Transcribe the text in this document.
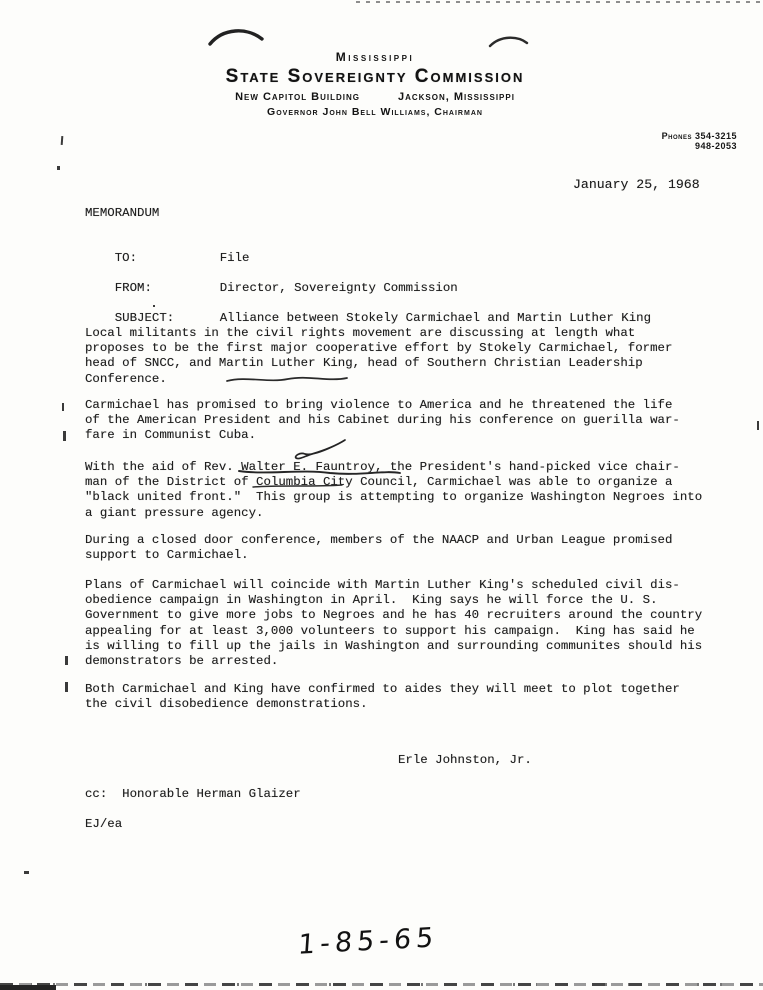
Mississippi
State Sovereignty Commission
New Capitol Building	Jackson, Mississippi
Governor John Bell Williams, Chairman
Phones 354-3215
948-2053
January 25, 1968
MEMORANDUM

TO:	File

FROM:	Director, Sovereignty Commission

SUBJECT:	Alliance between Stokely Carmichael and Martin Luther King

Local militants in the civil rights movement are discussing at length what
proposes to be the first major cooperative effort by Stokely Carmichael, former
head of SNCC, and Martin Luther King, head of Southern Christian Leadership
Conference.
Carmichael has promised to bring violence to America and he threatened the life
of the American President and his Cabinet during his conference on guerilla war-
fare in Communist Cuba.
With the aid of Rev. Walter E. Fauntroy, the President's hand-picked vice chair-
man of the District of Columbia City Council, Carmichael was able to organize a
"black united front."  This group is attempting to organize Washington Negroes into
a giant pressure agency.
During a closed door conference, members of the NAACP and Urban League promised
support to Carmichael.
Plans of Carmichael will coincide with Martin Luther King's scheduled civil dis-
obedience campaign in Washington in April.  King says he will force the U. S.
Government to give more jobs to Negroes and he has 40 recruiters around the country
appealing for at least 3,000 volunteers to support his campaign.  King has said he
is willing to fill up the jails in Washington and surrounding communites should his
demonstrators be arrested.
Both Carmichael and King have confirmed to aides they will meet to plot together
the civil disobedience demonstrations.
Erle Johnston, Jr.
cc:  Honorable Herman Glaizer
EJ/ea
1-85-65
